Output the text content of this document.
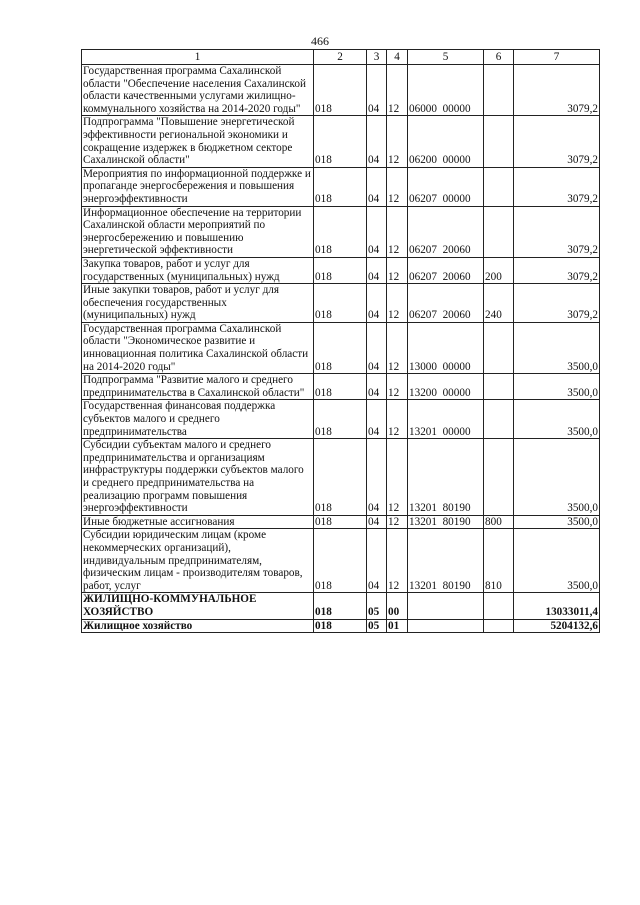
466
1	2	3	4	5	6	7
Государственная программа Сахалинской области "Обеспечение населения Сахалинской области качественными услугами жилищно-коммунального хозяйства на 2014-2020 годы"	018	04	12	06000  00000		3079,2
Подпрограмма "Повышение энергетической эффективности региональной экономики и сокращение издержек в бюджетном секторе Сахалинской области"	018	04	12	06200  00000		3079,2
Мероприятия по информационной поддержке и пропаганде энергосбережения и повышения энергоэффективности	018	04	12	06207  00000		3079,2
Информационное обеспечение на территории Сахалинской области мероприятий по энергосбережению и повышению энергетической эффективности	018	04	12	06207  20060		3079,2
Закупка товаров, работ и услуг для государственных (муниципальных) нужд	018	04	12	06207  20060	200	3079,2
Иные закупки товаров, работ и услуг для обеспечения государственных (муниципальных) нужд	018	04	12	06207  20060	240	3079,2
Государственная программа Сахалинской области "Экономическое развитие и инновационная политика Сахалинской области на 2014-2020 годы"	018	04	12	13000  00000		3500,0
Подпрограмма "Развитие малого и среднего предпринимательства в Сахалинской области"	018	04	12	13200  00000		3500,0
Государственная финансовая поддержка субъектов малого и среднего предпринимательства	018	04	12	13201  00000		3500,0
Субсидии субъектам малого и среднего предпринимательства и организациям инфраструктуры поддержки субъектов малого и среднего предпринимательства на реализацию программ повышения энергоэффективности	018	04	12	13201  80190		3500,0
Иные бюджетные ассигнования	018	04	12	13201  80190	800	3500,0
Субсидии юридическим лицам (кроме некоммерческих организаций), индивидуальным предпринимателям, физическим лицам - производителям товаров, работ, услуг	018	04	12	13201  80190	810	3500,0
ЖИЛИЩНО-КОММУНАЛЬНОЕ ХОЗЯЙСТВО	018	05	00			13033011,4
Жилищное хозяйство	018	05	01			5204132,6
